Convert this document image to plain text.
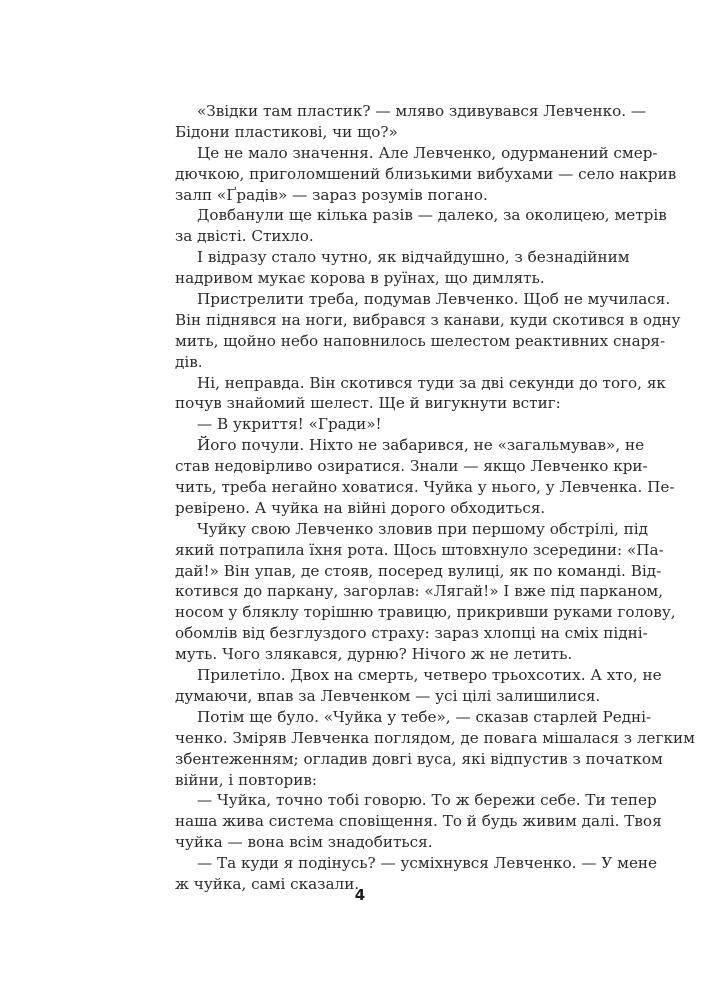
«Звідки там пластик? — мляво здивувався Левченко. —
Бідони пластикові, чи що?»
Це не мало значення. Але Левченко, одурманений смер-
дючкою, приголомшений близькими вибухами — село накрив
залп «Ґрадів» — зараз розумів погано.
Довбанули ще кілька разів — далеко, за околицею, метрів
за двісті. Стихло.
І відразу стало чутно, як відчайдушно, з безнадійним
надривом мукає корова в руїнах, що димлять.
Пристрелити треба, подумав Левченко. Щоб не мучилася.
Він піднявся на ноги, вибрався з канави, куди скотився в одну
мить, щойно небо наповнилось шелестом реактивних снаря-
дів.
Ні, неправда. Він скотився туди за дві секунди до того, як
почув знайомий шелест. Ще й вигукнути встиг:
— В укриття! «Гради»!
Його почули. Ніхто не забарився, не «загальмував», не
став недовірливо озиратися. Знали — якщо Левченко кри-
чить, треба негайно ховатися. Чуйка у нього, у Левченка. Пе-
ревірено. А чуйка на війні дорого обходиться.
Чуйку свою Левченко зловив при першому обстрілі, під
який потрапила їхня рота. Щось штовхнуло зсередини: «Па-
дай!» Він упав, де стояв, посеред вулиці, як по команді. Від-
котився до паркану, загорлав: «Лягай!» І вже під парканом,
носом у бляклу торішню травицю, прикривши руками голову,
обомлів від безглуздого страху: зараз хлопці на сміх підні-
муть. Чого злякався, дурню? Нічого ж не летить.
Прилетіло. Двох на смерть, четверо трьохсотих. А хто, не
думаючи, впав за Левченком — усі цілі залишилися.
Потім ще було. «Чуйка у тебе», — сказав старлей Редні-
ченко. Зміряв Левченка поглядом, де повага мішалася з легким
збентеженням; огладив довгі вуса, які відпустив з початком
війни, і повторив:
— Чуйка, точно тобі говорю. То ж бережи себе. Ти тепер
наша жива система сповіщення. То й будь живим далі. Твоя
чуйка — вона всім знадобиться.
— Та куди я подінусь? — усміхнувся Левченко. — У мене
ж чуйка, самі сказали.
4
